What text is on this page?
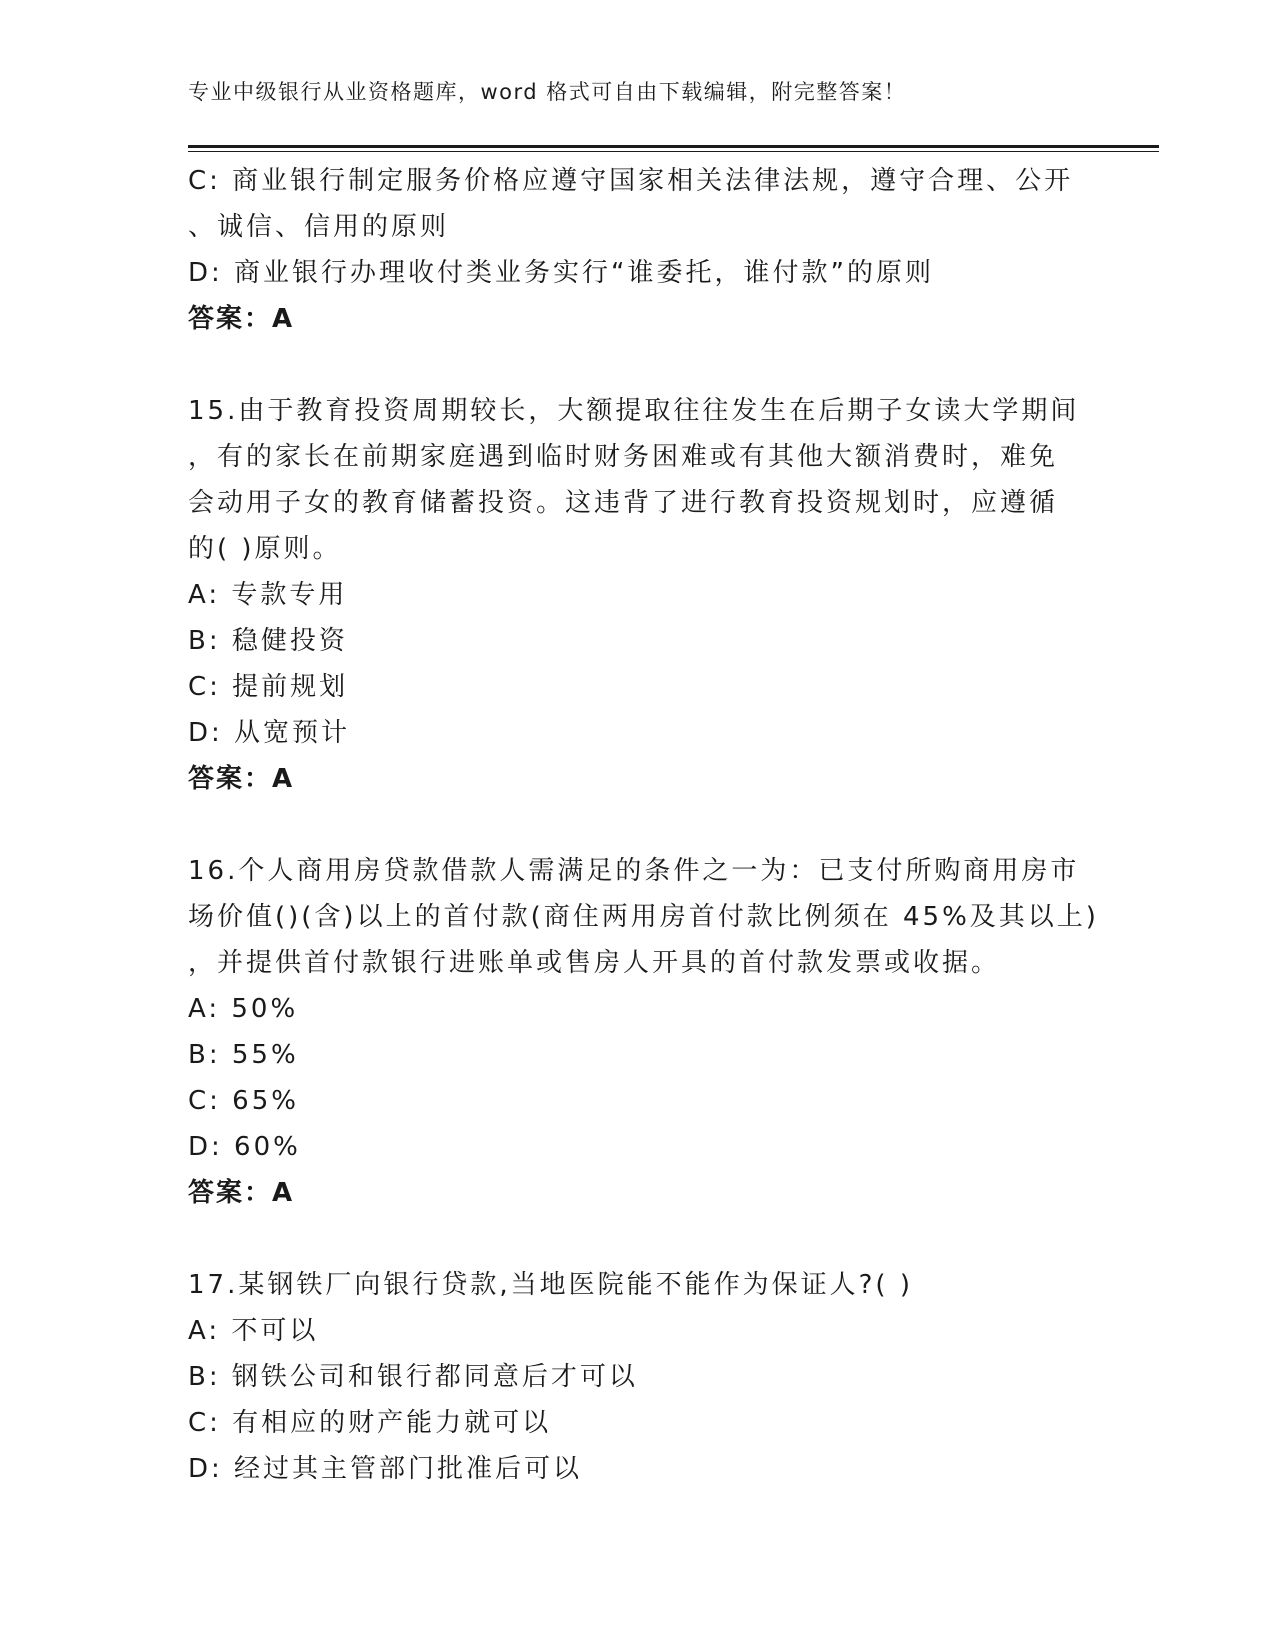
专业中级银行从业资格题库，word 格式可自由下载编辑，附完整答案！
C: 商业银行制定服务价格应遵守国家相关法律法规，遵守合理、公开
、诚信、信用的原则
D: 商业银行办理收付类业务实行“谁委托，谁付款”的原则
答案：A
15.由于教育投资周期较长，大额提取往往发生在后期子女读大学期间
，有的家长在前期家庭遇到临时财务困难或有其他大额消费时，难免
会动用子女的教育储蓄投资。这违背了进行教育投资规划时，应遵循
的( )原则。
A: 专款专用
B: 稳健投资
C: 提前规划
D: 从宽预计
答案：A
16.个人商用房贷款借款人需满足的条件之一为：已支付所购商用房市
场价值()(含)以上的首付款(商住两用房首付款比例须在 45%及其以上)
，并提供首付款银行进账单或售房人开具的首付款发票或收据。
A: 50%
B: 55%
C: 65%
D: 60%
答案：A
17.某钢铁厂向银行贷款,当地医院能不能作为保证人?( )
A: 不可以
B: 钢铁公司和银行都同意后才可以
C: 有相应的财产能力就可以
D: 经过其主管部门批准后可以
